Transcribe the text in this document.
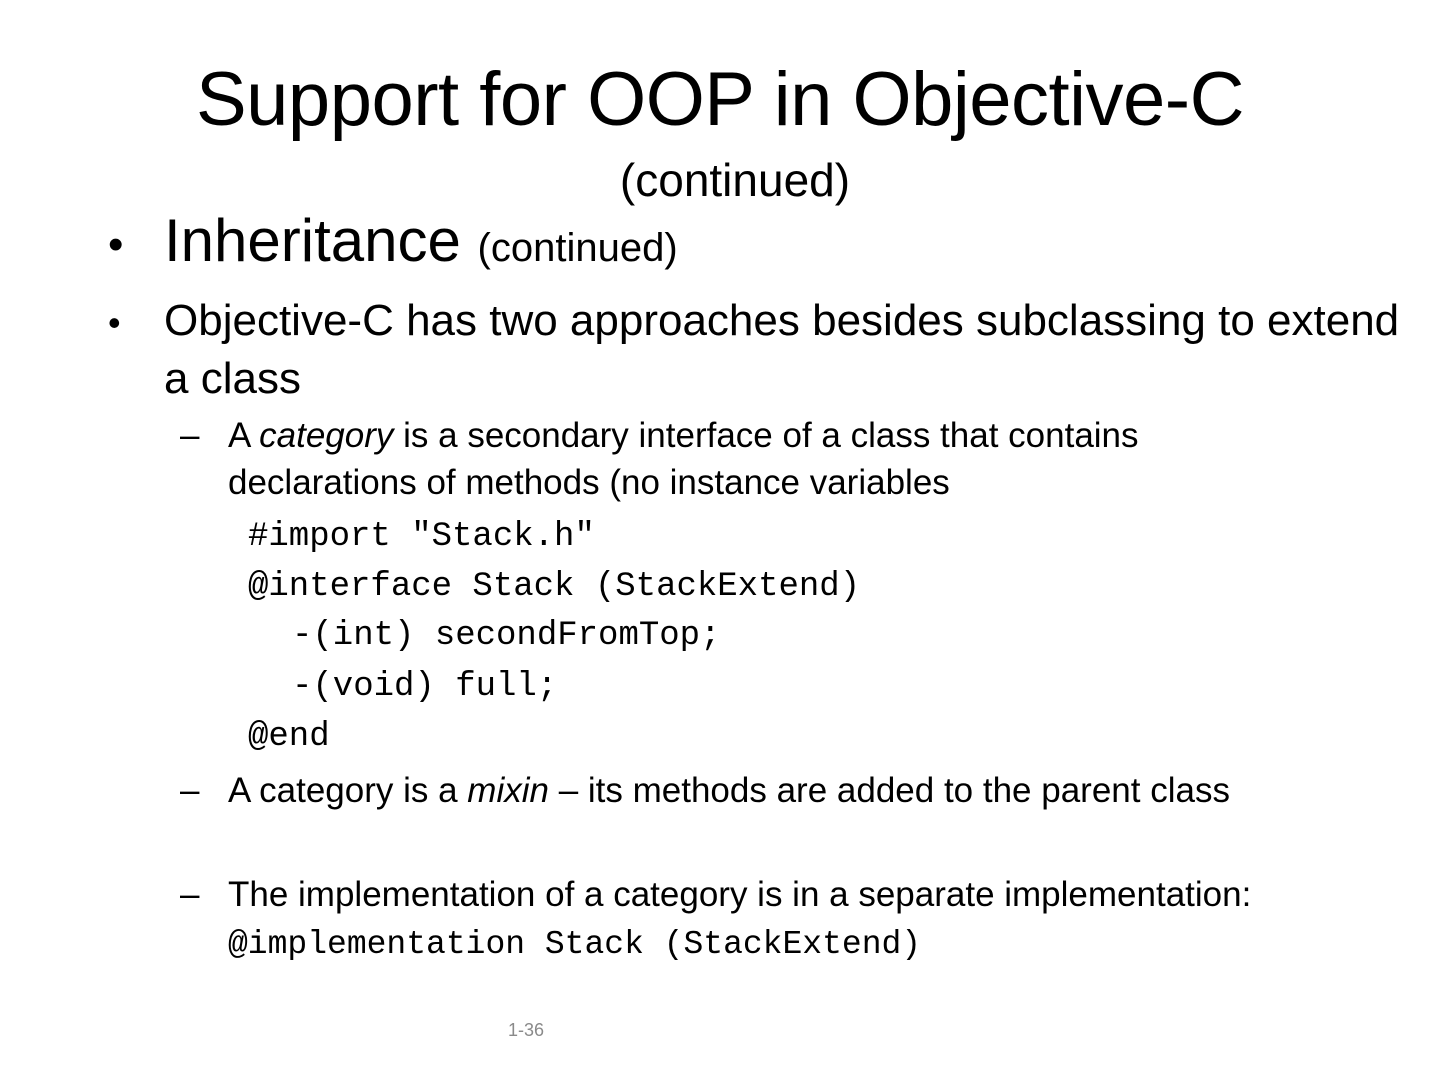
Support for OOP in Objective-C
(continued)
• Inheritance (continued)
• Objective-C has two approaches besides subclassing to extend a class
– A category is a secondary interface of a class that contains declarations of methods (no instance variables
#import "Stack.h"
@interface Stack (StackExtend)
-(int) secondFromTop;
-(void) full;
@end
– A category is a mixin – its methods are added to the parent class
– The implementation of a category is in a separate implementation: @implementation Stack (StackExtend)
1-36
